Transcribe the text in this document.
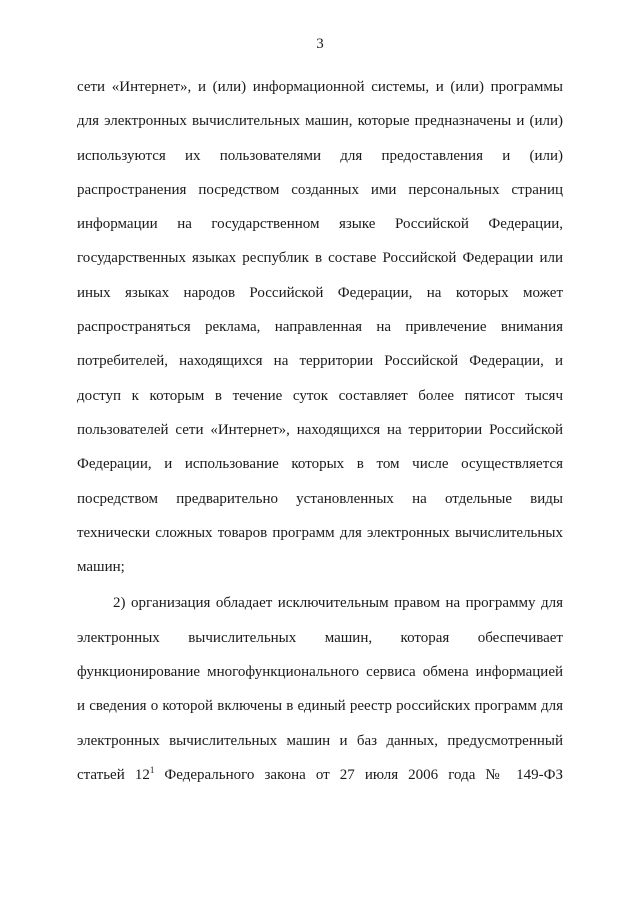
3
сети «Интернет», и (или) информационной системы, и (или) программы
для электронных вычислительных машин, которые предназначены и (или)
используются их пользователями для предоставления и (или)
распространения посредством созданных ими персональных страниц
информации на государственном языке Российской Федерации,
государственных языках республик в составе Российской Федерации или
иных языках народов Российской Федерации, на которых может
распространяться реклама, направленная на привлечение внимания
потребителей, находящихся на территории Российской Федерации, и
доступ к которым в течение суток составляет более пятисот тысяч
пользователей сети «Интернет», находящихся на территории Российской
Федерации, и использование которых в том числе осуществляется
посредством предварительно установленных на отдельные виды
технически сложных товаров программ для электронных вычислительных
машин;
2) организация обладает исключительным правом на программу для
электронных вычислительных машин, которая обеспечивает
функционирование многофункционального сервиса обмена информацией
и сведения о которой включены в единый реестр российских программ для
электронных вычислительных машин и баз данных, предусмотренный
статьей $12^1$ Федерального закона от 27 июля 2006 года № 149-ФЗ
